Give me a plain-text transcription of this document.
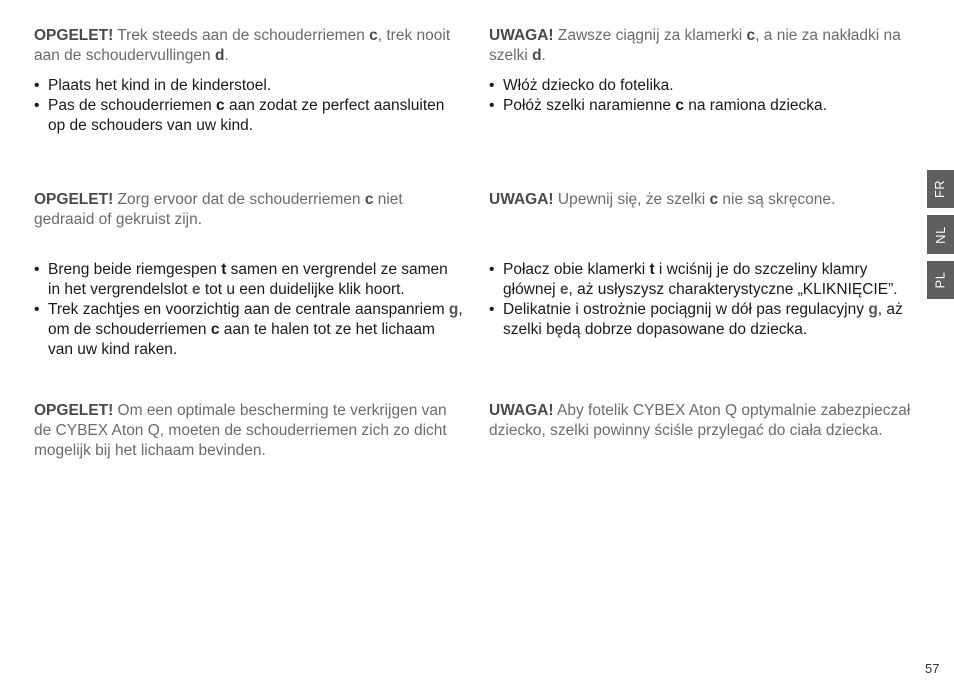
OPGELET! Trek steeds aan de schouderriemen c, trek nooit aan de schoudervullingen d.

• Plaats het kind in de kinderstoel.
• Pas de schouderriemen c aan zodat ze perfect aansluiten op de schouders van uw kind.

OPGELET! Zorg ervoor dat de schouderriemen c niet gedraaid of gekruist zijn.

• Breng beide riemgespen t samen en vergrendel ze samen in het vergrendelslot e tot u een duidelijke klik hoort.
• Trek zachtjes en voorzichtig aan de centrale aanspanriem g, om de schouderriemen c aan te halen tot ze het lichaam van uw kind raken.

OPGELET! Om een optimale bescherming te verkrijgen van de CYBEX Aton Q, moeten de schouderriemen zich zo dicht mogelijk bij het lichaam bevinden.

UWAGA! Zawsze ciągnij za klamerki c, a nie za nakładki na szelki d.

• Włóż dziecko do fotelika.
• Połóż szelki naramienne c na ramiona dziecka.

UWAGA! Upewnij się, że szelki c nie są skręcone.

• Połacz obie klamerki t i wciśnij je do szczeliny klamry głównej e, aż usłyszysz charakterystyczne „KLIKNIĘCIE”.
• Delikatnie i ostrożnie pociągnij w dół pas regulacyjny g, aż szelki będą dobrze dopasowane do dziecka.

UWAGA! Aby fotelik CYBEX Aton Q optymalnie zabezpieczał dziecko, szelki powinny ściśle przylegać do ciała dziecka.

FR
NL
PL
57
